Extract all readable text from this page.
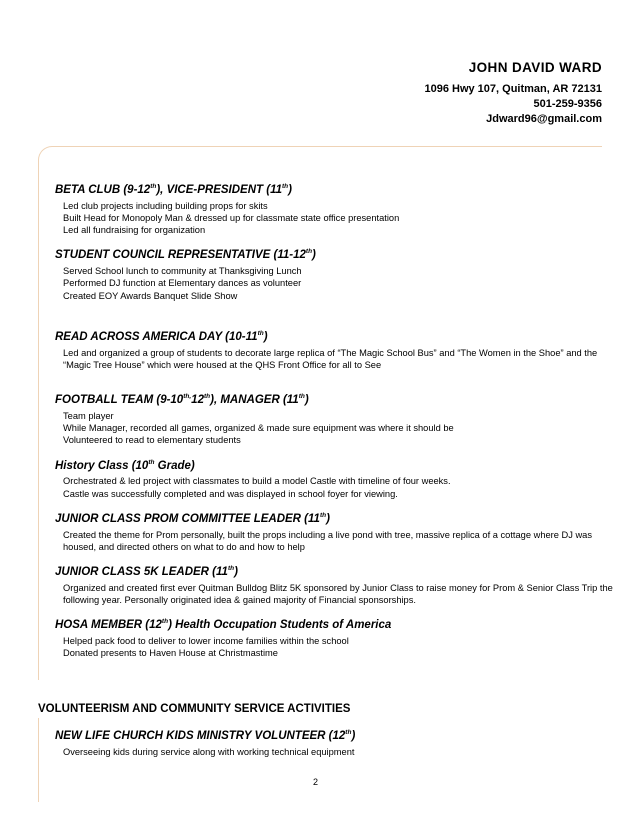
JOHN DAVID WARD
1096 Hwy 107, Quitman, AR 72131
501-259-9356
Jdward96@gmail.com
BETA CLUB (9-12th), VICE-PRESIDENT (11th)
Led club projects including building props for skits
Built Head for Monopoly Man & dressed up for classmate state office presentation
Led all fundraising for organization
STUDENT COUNCIL REPRESENTATIVE (11-12th)
Served School lunch to community at Thanksgiving Lunch
Performed DJ function at Elementary dances as volunteer
Created EOY Awards Banquet Slide Show
READ ACROSS AMERICA DAY (10-11th)
Led and organized a group of students to decorate large replica of “The Magic School Bus” and “The Women in the Shoe” and the “Magic Tree House” which were housed at the QHS Front Office for all to See
FOOTBALL TEAM $(9-10^{th,}12th)$, MANAGER (11th)
Team player
While Manager, recorded all games, organized & made sure equipment was where it should be
Volunteered to read to elementary students
History Class (10th Grade)
Orchestrated & led project with classmates to build a model Castle with timeline of four weeks.
Castle was successfully completed and was displayed in school foyer for viewing.
JUNIOR CLASS PROM COMMITTEE LEADER (11th)
Created the theme for Prom personally, built the props including a live pond with tree, massive replica of a cottage where DJ was housed, and directed others on what to do and how to help
JUNIOR CLASS 5K LEADER (11th)
Organized and created first ever Quitman Bulldog Blitz 5K sponsored by Junior Class to raise money for Prom & Senior Class Trip the following year. Personally originated idea & gained majority of Financial sponsorships.
HOSA MEMBER (12th) Health Occupation Students of America
Helped pack food to deliver to lower income families within the school
Donated presents to Haven House at Christmastime
VOLUNTEERISM AND COMMUNITY SERVICE ACTIVITIES
NEW LIFE CHURCH KIDS MINISTRY VOLUNTEER (12th)
Overseeing kids during service along with working technical equipment
2
